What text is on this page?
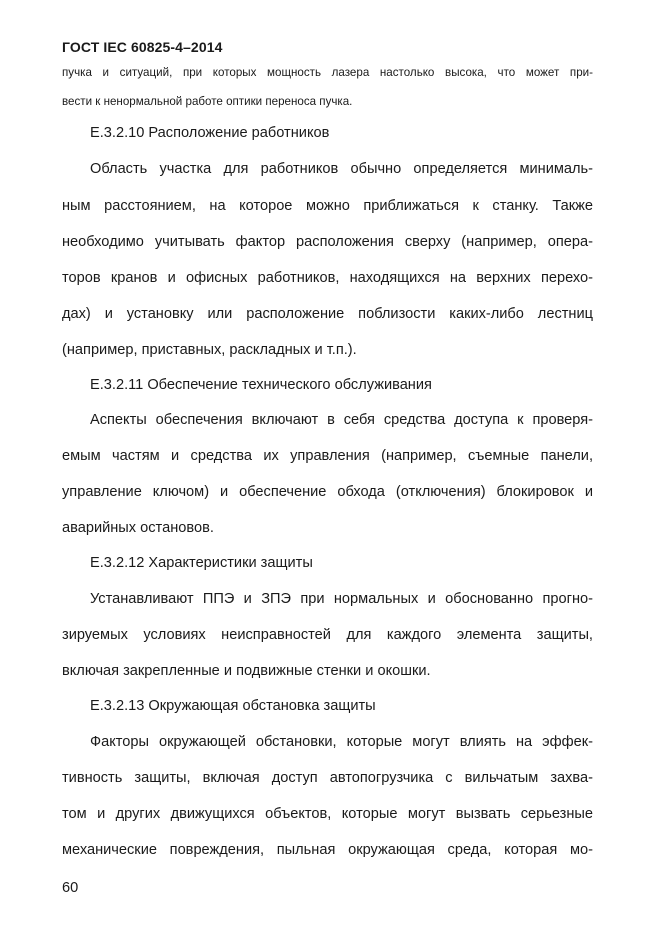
ГОСТ IEC 60825-4–2014
пучка и ситуаций, при которых мощность лазера настолько высока, что может при-
вести к ненормальной работе оптики переноса пучка.
Е.3.2.10 Расположение работников
Область участка для работников обычно определяется минималь-
ным расстоянием, на которое можно приближаться к станку. Также
необходимо учитывать фактор расположения сверху (например, опера-
торов кранов и офисных работников, находящихся на верхних перехо-
дах) и установку или расположение поблизости каких-либо лестниц
(например, приставных, раскладных и т.п.).
Е.3.2.11 Обеспечение технического обслуживания
Аспекты обеспечения включают в себя средства доступа к проверя-
емым частям и средства их управления (например, съемные панели,
управление ключом) и обеспечение обхода (отключения) блокировок и
аварийных остановов.
Е.3.2.12 Характеристики защиты
Устанавливают ППЭ и ЗПЭ при нормальных и обоснованно прогно-
зируемых условиях неисправностей для каждого элемента защиты,
включая закрепленные и подвижные стенки и окошки.
Е.3.2.13 Окружающая обстановка защиты
Факторы окружающей обстановки, которые могут влиять на эффек-
тивность защиты, включая доступ автопогрузчика с вильчатым захва-
том и других движущихся объектов, которые могут вызвать серьезные
механические повреждения, пыльная окружающая среда, которая мо-
60
